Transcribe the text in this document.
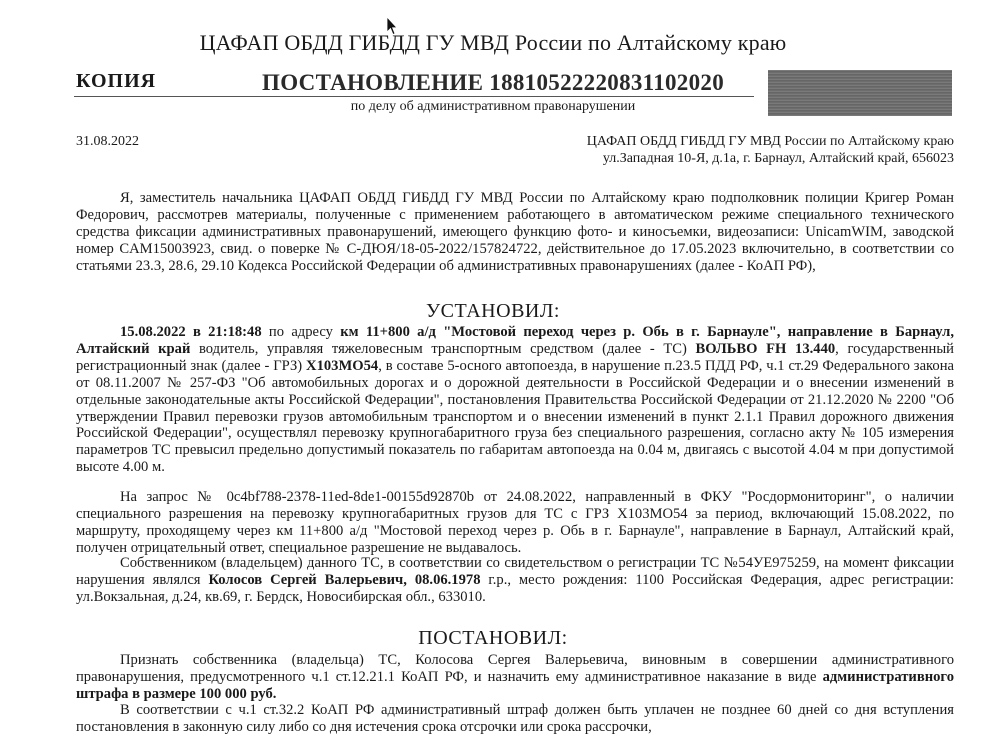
ЦАФАП ОБДД ГИБДД ГУ МВД России по Алтайскому краю
КОПИЯ	ПОСТАНОВЛЕНИЕ 18810522220831102020
по делу об административном правонарушении
31.08.2022	ЦАФАП ОБДД ГИБДД ГУ МВД России по Алтайскому краю
ул.Западная 10-Я, д.1а, г. Барнаул, Алтайский край, 656023

Я, заместитель начальника ЦАФАП ОБДД ГИБДД ГУ МВД России по Алтайскому краю подполковник полиции Кригер Роман Федорович, рассмотрев материалы, полученные с применением работающего в автоматическом режиме специального технического средства фиксации административных правонарушений, имеющего функцию фото- и киносъемки, видеозаписи: UnicamWIM, заводской номер CAM15003923, свид. о поверке № С-ДЮЯ/18-05-2022/157824722, действительное до 17.05.2023 включительно, в соответствии со статьями 23.3, 28.6, 29.10 Кодекса Российской Федерации об административных правонарушениях (далее - КоАП РФ),

УСТАНОВИЛ:

15.08.2022 в 21:18:48 по адресу км 11+800 а/д "Мостовой переход через р. Обь в г. Барнауле", направление в Барнаул, Алтайский край водитель, управляя тяжеловесным транспортным средством (далее - ТС) ВОЛЬВО FH 13.440, государственный регистрационный знак (далее - ГРЗ) Х103МО54, в составе 5-осного автопоезда, в нарушение п.23.5 ПДД РФ, ч.1 ст.29 Федерального закона от 08.11.2007 № 257-ФЗ "Об автомобильных дорогах и о дорожной деятельности в Российской Федерации и о внесении изменений в отдельные законодательные акты Российской Федерации", постановления Правительства Российской Федерации от 21.12.2020 № 2200 "Об утверждении Правил перевозки грузов автомобильным транспортом и о внесении изменений в пункт 2.1.1 Правил дорожного движения Российской Федерации", осуществлял перевозку крупногабаритного груза без специального разрешения, согласно акту № 105 измерения параметров ТС превысил предельно допустимый показатель по габаритам автопоезда на 0.04 м, двигаясь с высотой 4.04 м при допустимой высоте 4.00 м.

На запрос № 0c4bf788-2378-11ed-8de1-00155d92870b от 24.08.2022, направленный в ФКУ "Росдормониторинг", о наличии специального разрешения на перевозку крупногабаритных грузов для ТС с ГРЗ Х103МО54 за период, включающий 15.08.2022, по маршруту, проходящему через км 11+800 а/д "Мостовой переход через р. Обь в г. Барнауле", направление в Барнаул, Алтайский край, получен отрицательный ответ, специальное разрешение не выдавалось.

Собственником (владельцем) данного ТС, в соответствии со свидетельством о регистрации ТС №54УЕ975259, на момент фиксации нарушения являлся Колосов Сергей Валерьевич, 08.06.1978 г.р., место рождения: 1100 Российская Федерация, адрес регистрации: ул.Вокзальная, д.24, кв.69, г. Бердск, Новосибирская обл., 633010.

ПОСТАНОВИЛ:

Признать собственника (владельца) ТС, Колосова Сергея Валерьевича, виновным в совершении административного правонарушения, предусмотренного ч.1 ст.12.21.1 КоАП РФ, и назначить ему административное наказание в виде административного штрафа в размере 100 000 руб.

В соответствии с ч.1 ст.32.2 КоАП РФ административный штраф должен быть уплачен не позднее 60 дней со дня вступления постановления в законную силу либо со дня истечения срока отсрочки или срока рассрочки,
